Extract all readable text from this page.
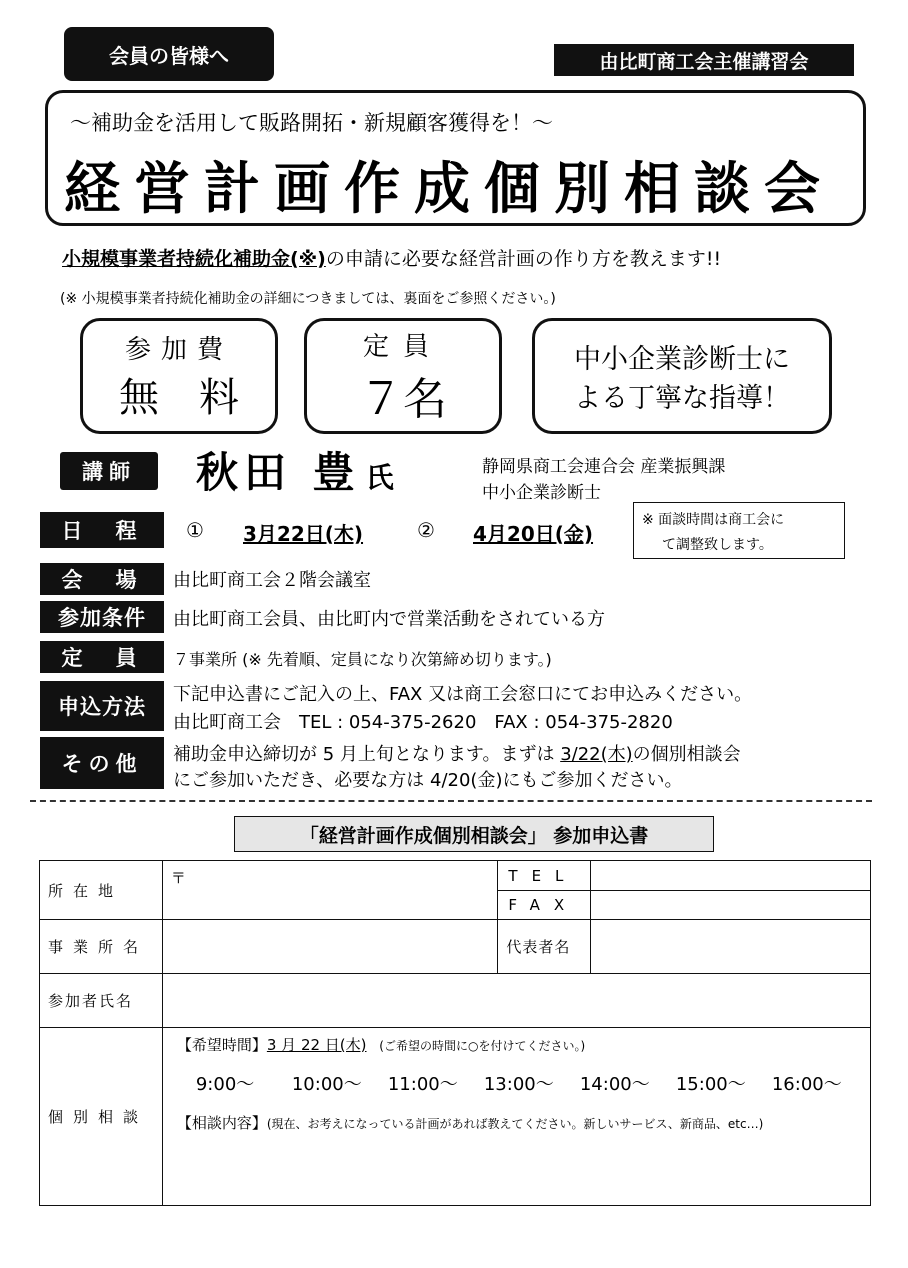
会員の皆様へ	由比町商工会主催講習会
～補助金を活用して販路開拓・新規顧客獲得を！～
経営計画作成個別相談会
小規模事業者持続化補助金(※)の申請に必要な経営計画の作り方を教えます!!
(※ 小規模事業者持続化補助金の詳細につきましては、裏面をご参照ください。)
参加費
無　料
定員
７名
中小企業診断士に
よる丁寧な指導！
講師 秋田 豊 氏	静岡県商工会連合会 産業振興課
中小企業診断士
日　程 ① 3月22日(木)	② 4月20日(金)
※ 面談時間は商工会に
て調整致します。
会　場 由比町商工会２階会議室
参加条件 由比町商工会員、由比町内で営業活動をされている方
定　員 ７事業所 (※ 先着順、定員になり次第締め切ります。)
申込方法
下記申込書にご記入の上、FAX 又は商工会窓口にてお申込みください。
由比町商工会　TEL : 054-375-2620　FAX : 054-375-2820
その他 補助金申込締切が 5 月上旬となります。まずは 3/22(木)の個別相談会
にご参加いただき、必要な方は 4/20(金)にもご参加ください。
「経営計画作成個別相談会」 参加申込書
所在地	〒	TEL	
		FAX	
事業所名		代表者名	
参加者氏名			
個別相談	【希望時間】3 月 22 日(木) (ご希望の時間に○を付けてください。)
9:00～ 10:00～ 11:00～ 13:00～ 14:00～ 15:00～ 16:00～
【相談内容】(現在、お考えになっている計画があれば教えてください。新しいサービス、新商品、etc…)		
